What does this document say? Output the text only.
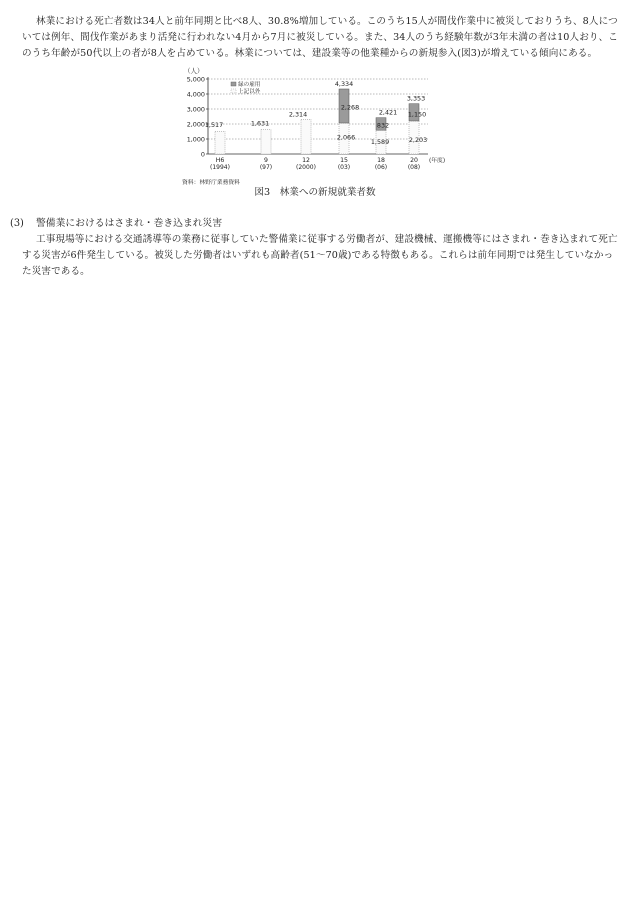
林業における死亡者数は34人と前年同期と比べ8人、30.8%増加している。このうち15人が間伐作業中に被災しておりうち、8人については例年、間伐作業があまり活発に行われない4月から7月に被災している。また、34人のうち経験年数が3年未満の者は10人おり、このうち年齢が50代以上の者が8人を占めている。林業については、建設業等の他業種からの新規参入(図3)が増えている傾向にある。
（人）
5,000
4,000
3,000
2,000
1,000
0
H6
(1994)
9
(97)
12
(2000)
15
(03)
18
(06)
20
(08)
(年度)
1,517	1,631
2,314
4,334
2,268
2,066
2,421
832
1,589
3,353
1,150
2,203
資料：林野庁業務資料
緑の雇用
上記以外
図3　林業への新規就業者数
(3) 警備業におけるはさまれ・巻き込まれ災害
工事現場等における交通誘導等の業務に従事していた警備業に従事する労働者が、建設機械、運搬機等にはさまれ・巻き込まれて死亡する災害が6件発生している。被災した労働者はいずれも高齢者(51～70歳)である特徴もある。これらは前年同期では発生していなかった災害である。
